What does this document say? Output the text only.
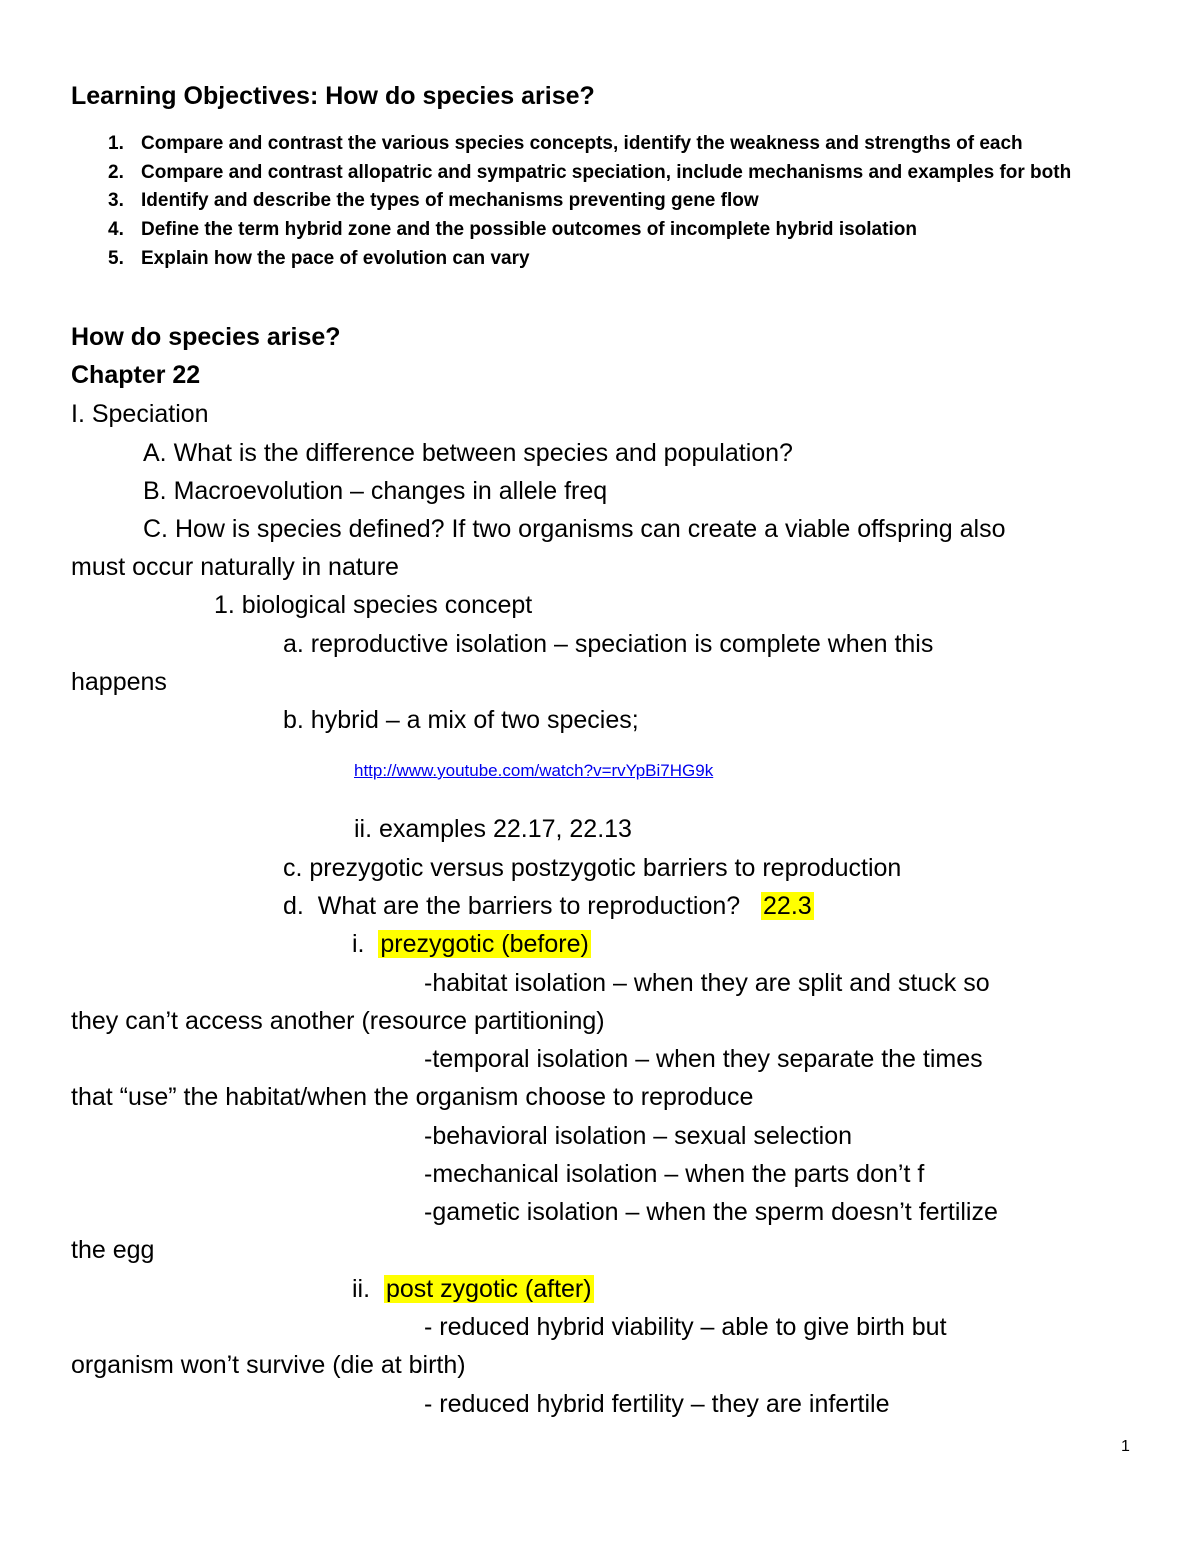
Learning Objectives: How do species arise?
1. Compare and contrast the various species concepts, identify the weakness and strengths of each
2. Compare and contrast allopatric and sympatric speciation, include mechanisms and examples for both
3. Identify and describe the types of mechanisms preventing gene flow
4. Define the term hybrid zone and the possible outcomes of incomplete hybrid isolation
5. Explain how the pace of evolution can vary
How do species arise?
Chapter 22
I. Speciation
A. What is the difference between species and population?
B. Macroevolution – changes in allele freq
C. How is species defined? If two organisms can create a viable offspring also
must occur naturally in nature
1. biological species concept
a. reproductive isolation – speciation is complete when this
happens
b. hybrid – a mix of two species;
http://www.youtube.com/watch?v=rvYpBi7HG9k
ii. examples 22.17, 22.13
c. prezygotic versus postzygotic barriers to reproduction
d.  What are the barriers to reproduction?   22.3
i.  prezygotic (before)
-habitat isolation – when they are split and stuck so
they can’t access another (resource partitioning)
-temporal isolation – when they separate the times
that “use” the habitat/when the organism choose to reproduce
-behavioral isolation – sexual selection
-mechanical isolation – when the parts don’t f
-gametic isolation – when the sperm doesn’t fertilize
the egg
ii.  post zygotic (after)
- reduced hybrid viability – able to give birth but
organism won’t survive (die at birth)
- reduced hybrid fertility – they are infertile
1
